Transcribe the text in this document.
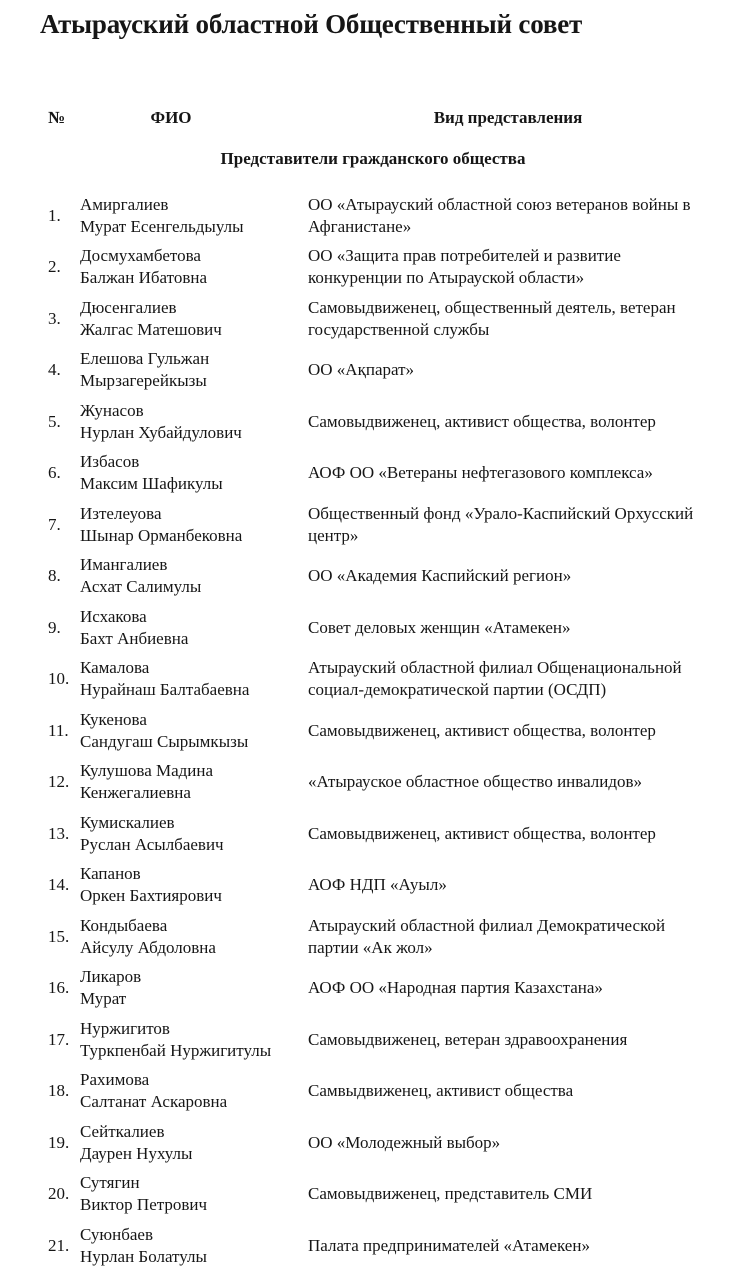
Атырауский областной Общественный совет
№	ФИО	Вид представления
Представители гражданского общества
1.
Амиргалиев
Мурат Есенгельдыулы
ОО «Атырауский областной союз ветеранов войны в Афганистане»
2.
Досмухамбетова
Балжан Ибатовна
ОО «Защита прав потребителей и развитие конкуренции по Атырауской области»
3.
Дюсенгалиев
Жалгас Матешович
Самовыдвиженец, общественный деятель, ветеран государственной службы
4.
Елешова Гульжан
Мырзагерейкызы
ОО «Ақпарат»
5.
Жунасов
Нурлан Хубайдулович
Самовыдвиженец, активист общества, волонтер
6.
Избасов
Максим Шафикулы
АОФ ОО «Ветераны нефтегазового комплекса»
7.
Изтелеуова
Шынар Орманбековна
Общественный фонд «Урало-Каспийский Орхусский центр»
8.
Имангалиев
Асхат Салимулы
ОО «Академия Каспийский регион»
9.
Исхакова
Бахт Анбиевна
Совет деловых женщин «Атамекен»
10.
Камалова
Нурайнаш Балтабаевна
Атырауский областной филиал Общенациональной социал-демократической партии (ОСДП)
11.
Кукенова
Сандугаш Сырымкызы
Самовыдвиженец, активист общества, волонтер
12.
Кулушова Мадина
Кенжегалиевна
«Атырауское областное общество инвалидов»
13.
Кумискалиев
Руслан Асылбаевич
Самовыдвиженец, активист общества, волонтер
14.
Капанов
Оркен Бахтиярович
АОФ НДП «Ауыл»
15.
Кондыбаева
Айсулу Абдоловна
Атырауский областной филиал Демократической партии «Ак жол»
16.
Ликаров
Мурат
АОФ ОО «Народная партия Казахстана»
17.
Нуржигитов
Туркпенбай Нуржигитулы
Самовыдвиженец, ветеран здравоохранения
18.
Рахимова
Салтанат Аскаровна
Самвыдвиженец, активист общества
19.
Сейткалиев
Даурен Нухулы
ОО «Молодежный выбор»
20.
Сутягин
Виктор Петрович
Самовыдвиженец, представитель СМИ
21.
Суюнбаев
Нурлан Болатулы
Палата предпринимателей «Атамекен»
